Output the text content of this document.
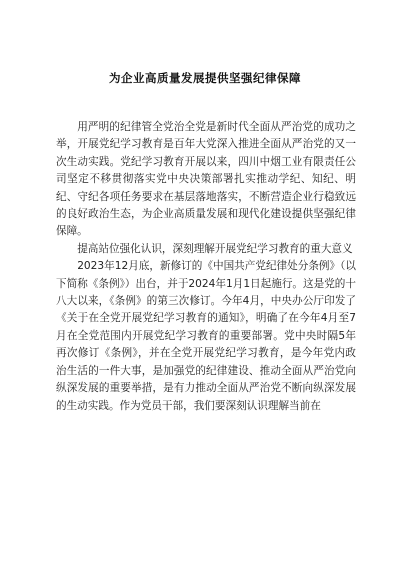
为企业高质量发展提供坚强纪律保障

用严明的纪律管全党治全党是新时代全面从严治党的成功之举，开展党纪学习教育是百年大党深入推进全面从严治党的又一次生动实践。党纪学习教育开展以来，四川中烟工业有限责任公司坚定不移贯彻落实党中央决策部署扎实推动学纪、知纪、明纪、守纪各项任务要求在基层落地落实，不断营造企业行稳致远的良好政治生态，为企业高质量发展和现代化建设提供坚强纪律保障。

提高站位强化认识，深刻理解开展党纪学习教育的重大意义

2023年12月底，新修订的《中国共产党纪律处分条例》（以下简称《条例》）出台，并于2024年1月1日起施行。这是党的十八大以来，《条例》的第三次修订。今年4月，中央办公厅印发了《关于在全党开展党纪学习教育的通知》，明确了在今年4月至7月在全党范围内开展党纪学习教育的重要部署。党中央时隔5年再次修订《条例》，并在全党开展党纪学习教育，是今年党内政治生活的一件大事，是加强党的纪律建设、推动全面从严治党向纵深发展的重要举措，是有力推动全面从严治党不断向纵深发展的生动实践。作为党员干部，我们要深刻认识理解当前在
